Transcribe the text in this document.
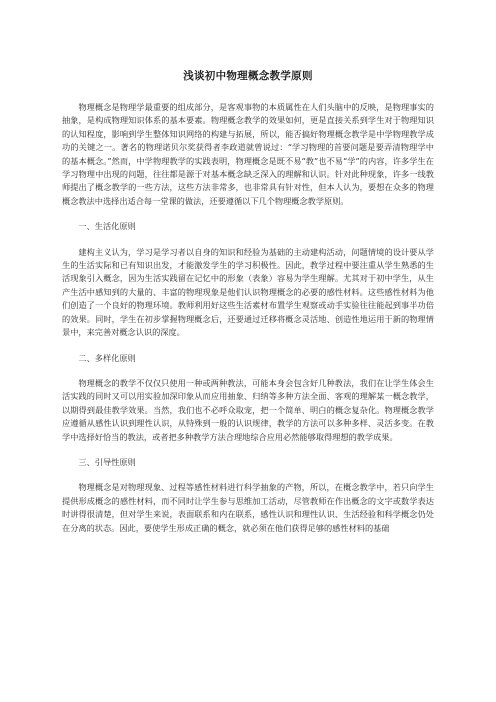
浅谈初中物理概念教学原则

物理概念是物理学最重要的组成部分，是客观事物的本质属性在人们头脑中的反映，是物理事实的抽象，是构成物理知识体系的基本要素。物理概念教学的效果如何，更是直接关系到学生对于物理知识的认知程度，影响到学生整体知识网络的构建与拓展，所以，能否搞好物理概念教学是中学物理教学成功的关键之一。著名的物理诺贝尔奖获得者李政道就曾说过：“学习物理的首要问题是要弄清物理学中的基本概念。”然而，中学物理教学的实践表明，物理概念是既不易“教”也不易“学”的内容，许多学生在学习物理中出现的问题，往往都是源于对基本概念缺乏深入的理解和认识。针对此种现象，许多一线教师提出了概念教学的一些方法，这些方法非常多，也非常具有针对性，但本人认为，要想在众多的物理概念教法中选择出适合每一堂课的做法，还要遵循以下几个物理概念教学原则。

一、生活化原则

建构主义认为，学习是学习者以自身的知识和经验为基础的主动建构活动，问题情境的设计要从学生的生活实际和已有知识出发，才能激发学生的学习积极性。因此，教学过程中要注重从学生熟悉的生活现象引入概念，因为生活实践留在记忆中的形象（表象）容易为学生理解。尤其对于初中学生，从生产生活中感知到的大量的、丰富的物理现象是他们认识物理概念的必要的感性材料。这些感性材料为他们创造了一个良好的物理环境。教师利用好这些生活素材布置学生观察或动手实验往往能起到事半功倍的效果。同时，学生在初步掌握物理概念后，还要通过迁移将概念灵活地、创造性地运用于新的物理情景中，来完善对概念认识的深度。

二、多样化原则

物理概念的教学不仅仅只使用一种或两种教法，可能本身会包含好几种教法，我们在让学生体会生活实践的同时又可以用实验加深印象从而应用抽象、归纳等多种方法全面、客观的理解某一概念教学，以期得到最佳教学效果。当然，我们也不必呼众取宠，把一个简单、明白的概念复杂化。物理概念教学应遵循从感性认识到理性认识，从特殊到一般的认识规律，教学的方法可以多种多样、灵活多变。在教学中选择好恰当的教法，或者把多种教学方法合理地综合应用必然能够取得理想的教学成果。

三、引导性原则

物理概念是对物理现象、过程等感性材料进行科学抽象的产物，所以，在概念教学中，若只向学生提供形成概念的感性材料，而不同时让学生参与思维加工活动，尽管教师在作出概念的文字或数学表达时讲得很清楚，但对学生来说，表面联系和内在联系，感性认识和理性认识、生活经验和科学概念仍处在分离的状态。因此，要使学生形成正确的概念，就必须在他们获得足够的感性材料的基础
